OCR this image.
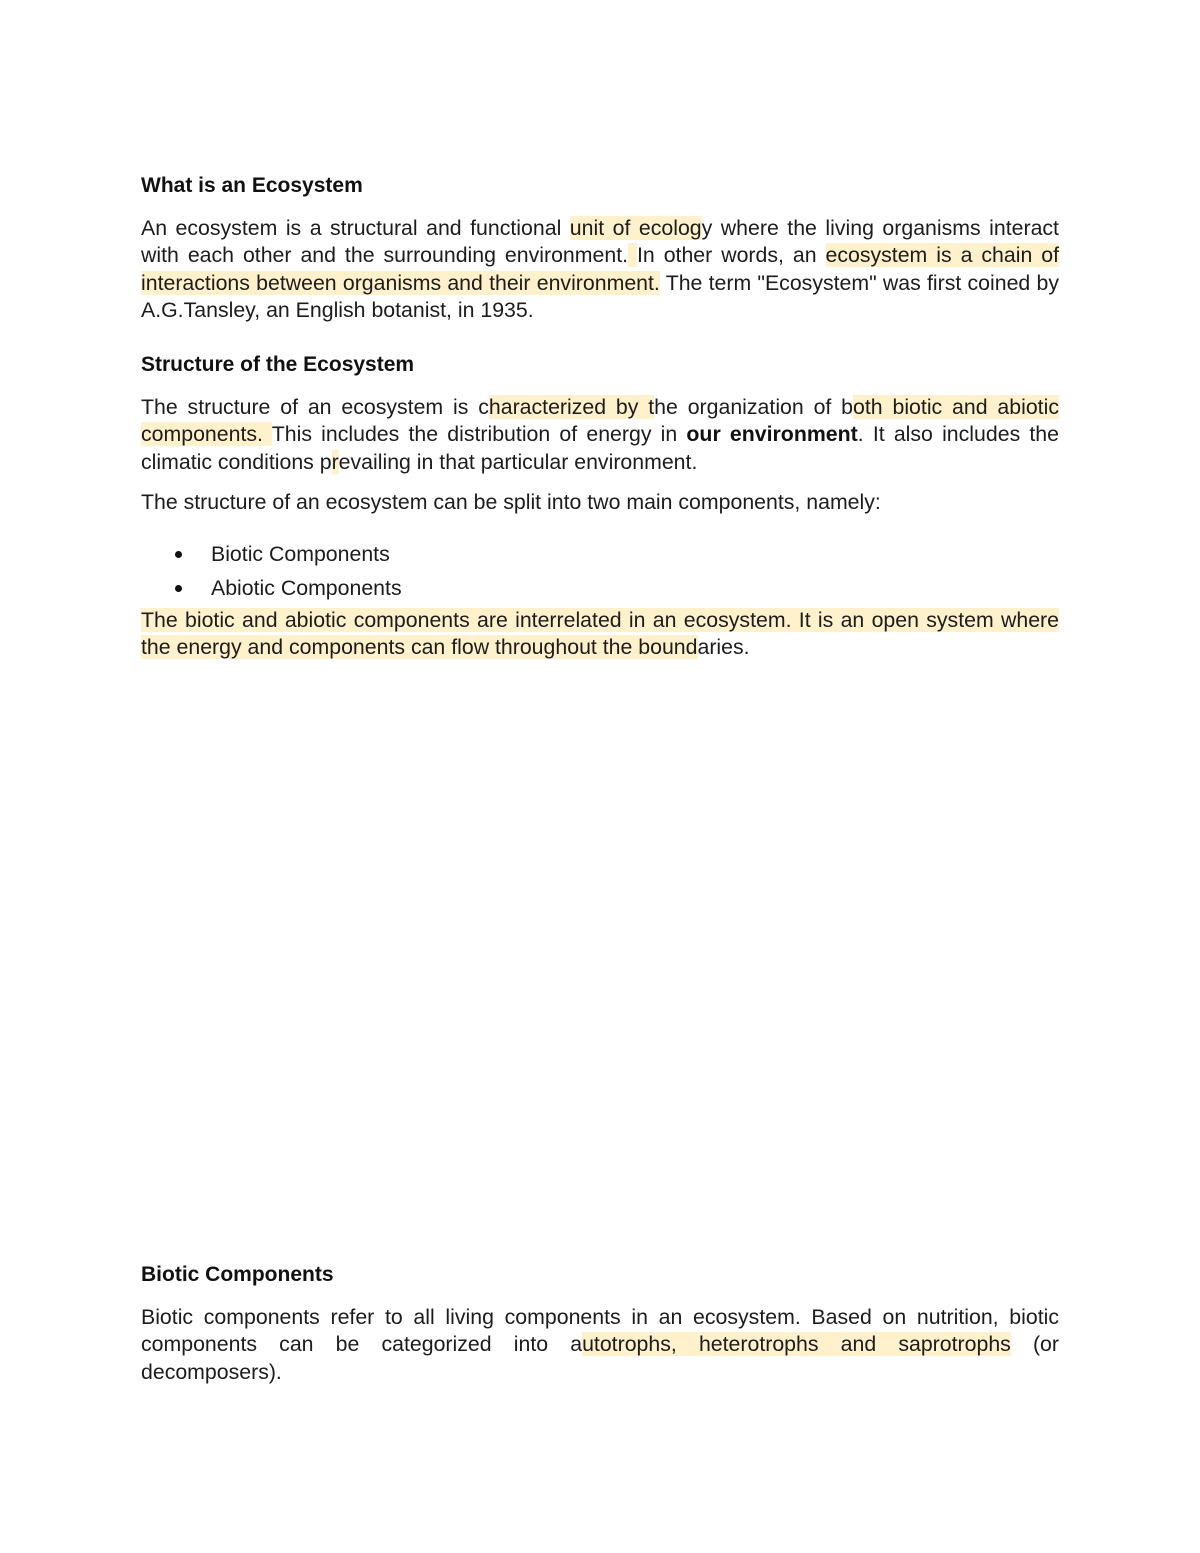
What is an Ecosystem

An ecosystem is a structural and functional unit of ecology where the living organisms interact with each other and the surrounding environment. In other words, an ecosystem is a chain of interactions between organisms and their environment. The term "Ecosystem" was first coined by A.G.Tansley, an English botanist, in 1935.

Structure of the Ecosystem

The structure of an ecosystem is characterized by the organization of both biotic and abiotic components. This includes the distribution of energy in our environment. It also includes the climatic conditions prevailing in that particular environment.

The structure of an ecosystem can be split into two main components, namely:

Biotic Components
Abiotic Components

The biotic and abiotic components are interrelated in an ecosystem. It is an open system where the energy and components can flow throughout the boundaries.

Biotic Components

Biotic components refer to all living components in an ecosystem. Based on nutrition, biotic components can be categorized into autotrophs, heterotrophs and saprotrophs (or decomposers).
